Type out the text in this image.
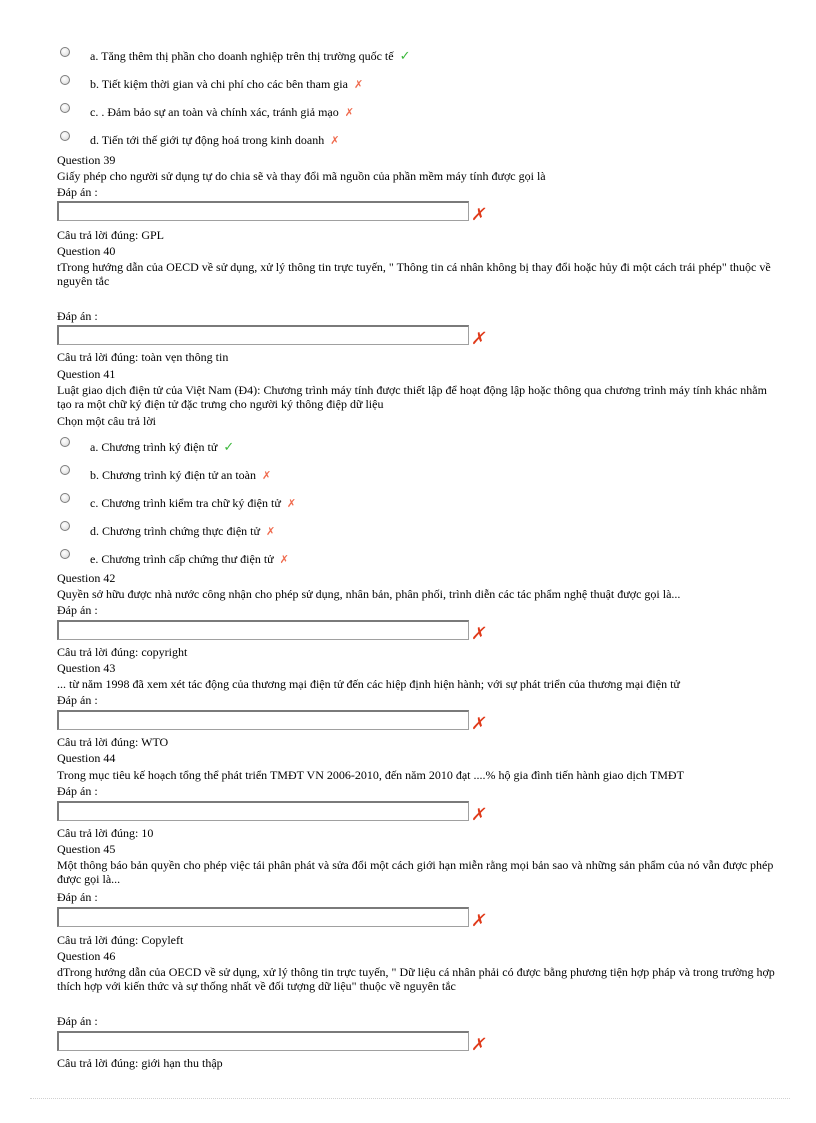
a. Tăng thêm thị phần cho doanh nghiệp trên thị trường quốc tế ✓
b. Tiết kiệm thời gian và chi phí cho các bên tham gia ✗
c. . Đảm bảo sự an toàn và chính xác, tránh giả mạo ✗
d. Tiến tới thế giới tự động hoá trong kinh doanh ✗
Question 39
Giấy phép cho người sử dụng tự do chia sẽ và thay đổi mã nguồn của phần mềm máy tính được gọi là
Đáp án :
✗
Câu trả lời đúng: GPL
Question 40
tTrong hướng dẫn của OECD về sử dụng, xử lý thông tin trực tuyến, " Thông tin cá nhân không bị thay đổi hoặc hủy đi một cách trái phép" thuộc về nguyên tắc
Đáp án :
✗
Câu trả lời đúng: toàn vẹn thông tin
Question 41
Luật giao dịch điện tử của Việt Nam (Đ4): Chương trình máy tính được thiết lập để hoạt động lập hoặc thông qua chương trình máy tính khác nhằm tạo ra một chữ ký điện tử đặc trưng cho người ký thông điệp dữ liệu
Chọn một câu trả lời
a. Chương trình ký điện tử ✓
b. Chương trình ký điện tử an toàn ✗
c. Chương trình kiểm tra chữ ký điện tử ✗
d. Chương trình chứng thực điện tử ✗
e. Chương trình cấp chứng thư điện tử ✗
Question 42
Quyền sở hữu được nhà nước công nhận cho phép sử dụng, nhân bản, phân phối, trình diễn các tác phẩm nghệ thuật được gọi là...
Đáp án :
✗
Câu trả lời đúng: copyright
Question 43
... từ năm 1998 đã xem xét tác động của thương mại điện tử đến các hiệp định hiện hành; với sự phát triển của thương mại điện tử
Đáp án :
✗
Câu trả lời đúng: WTO
Question 44
Trong mục tiêu kế hoạch tổng thể phát triển TMĐT VN 2006-2010, đến năm 2010 đạt ....% hộ gia đình tiến hành giao dịch TMĐT
Đáp án :
✗
Câu trả lời đúng: 10
Question 45
Một thông báo bản quyền cho phép việc tái phân phát và sửa đổi một cách giới hạn miễn rằng mọi bản sao và những sản phẩm của nó vẫn được phép được gọi là...
Đáp án :
✗
Câu trả lời đúng: Copyleft
Question 46
dTrong hướng dẫn của OECD về sử dụng, xử lý thông tin trực tuyến, " Dữ liệu cá nhân phải có được bằng phương tiện hợp pháp và trong trường hợp thích hợp với kiến thức và sự thống nhất về đối tượng dữ liệu" thuộc về nguyên tắc
Đáp án :
✗
Câu trả lời đúng: giới hạn thu thập
